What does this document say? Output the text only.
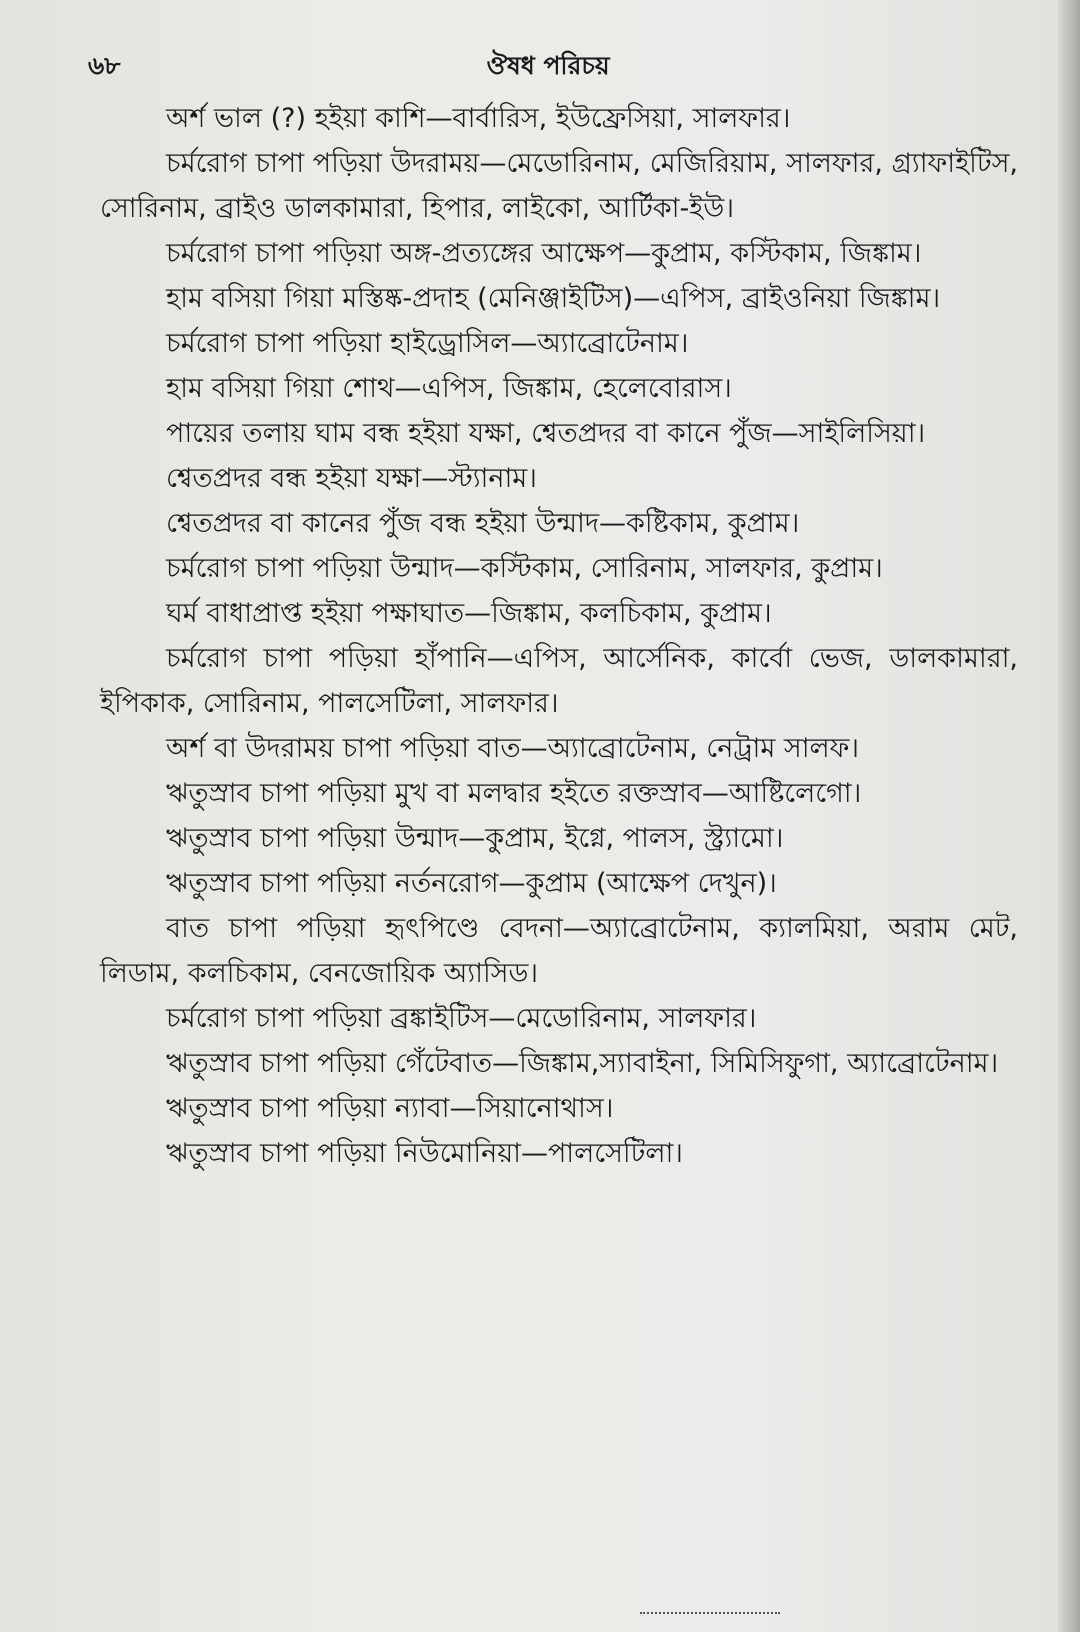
৬৮	ঔষধ পরিচয়

অর্শ ভাল (?) হইয়া কাশি—বার্বারিস, ইউফ্রেসিয়া, সালফার।

চর্মরোগ চাপা পড়িয়া উদরাময়—মেডোরিনাম, মেজিরিয়াম, সালফার, গ্র্যাফাইটিস, সোরিনাম, ব্রাইও ডালকামারা, হিপার, লাইকো, আর্টিকা-ইউ।

চর্মরোগ চাপা পড়িয়া অঙ্গ-প্রত্যঙ্গের আক্ষেপ—কুপ্রাম, কস্টিকাম, জিঙ্কাম।

হাম বসিয়া গিয়া মস্তিষ্ক-প্রদাহ (মেনিঞ্জাইটিস)—এপিস, ব্রাইওনিয়া জিঙ্কাম।

চর্মরোগ চাপা পড়িয়া হাইড্রোসিল—অ্যাব্রোটেনাম।

হাম বসিয়া গিয়া শোথ—এপিস, জিঙ্কাম, হেলেবোরাস।

পায়ের তলায় ঘাম বন্ধ হইয়া যক্ষা, শ্বেতপ্রদর বা কানে পুঁজ—সাইলিসিয়া।

শ্বেতপ্রদর বন্ধ হইয়া যক্ষা—স্ট্যানাম।

শ্বেতপ্রদর বা কানের পুঁজ বন্ধ হইয়া উন্মাদ—কষ্টিকাম, কুপ্রাম।

চর্মরোগ চাপা পড়িয়া উন্মাদ—কস্টিকাম, সোরিনাম, সালফার, কুপ্রাম।

ঘর্ম বাধাপ্রাপ্ত হইয়া পক্ষাঘাত—জিঙ্কাম, কলচিকাম, কুপ্রাম।

চর্মরোগ চাপা পড়িয়া হাঁপানি—এপিস, আর্সেনিক, কার্বো ভেজ, ডালকামারা, ইপিকাক, সোরিনাম, পালসেটিলা, সালফার।

অর্শ বা উদরাময় চাপা পড়িয়া বাত—অ্যাব্রোটেনাম, নেট্রাম সালফ।

ঋতুস্রাব চাপা পড়িয়া মুখ বা মলদ্বার হইতে রক্তস্রাব—আষ্টিলেগো।

ঋতুস্রাব চাপা পড়িয়া উন্মাদ—কুপ্রাম, ইগ্নে, পালস, স্ট্র্যামো।

ঋতুস্রাব চাপা পড়িয়া নর্তনরোগ—কুপ্রাম (আক্ষেপ দেখুন)।

বাত চাপা পড়িয়া হৃৎপিণ্ডে বেদনা—অ্যাব্রোটেনাম, ক্যালমিয়া, অরাম মেট, লিডাম, কলচিকাম, বেনজোয়িক অ্যাসিড।

চর্মরোগ চাপা পড়িয়া ব্রঙ্কাইটিস—মেডোরিনাম, সালফার।

ঋতুস্রাব চাপা পড়িয়া গেঁটেবাত—জিঙ্কাম,স্যাবাইনা, সিমিসিফুগা, অ্যাব্রোটেনাম।

ঋতুস্রাব চাপা পড়িয়া ন্যাবা—সিয়ানোথাস।

ঋতুস্রাব চাপা পড়িয়া নিউমোনিয়া—পালসেটিলা।
